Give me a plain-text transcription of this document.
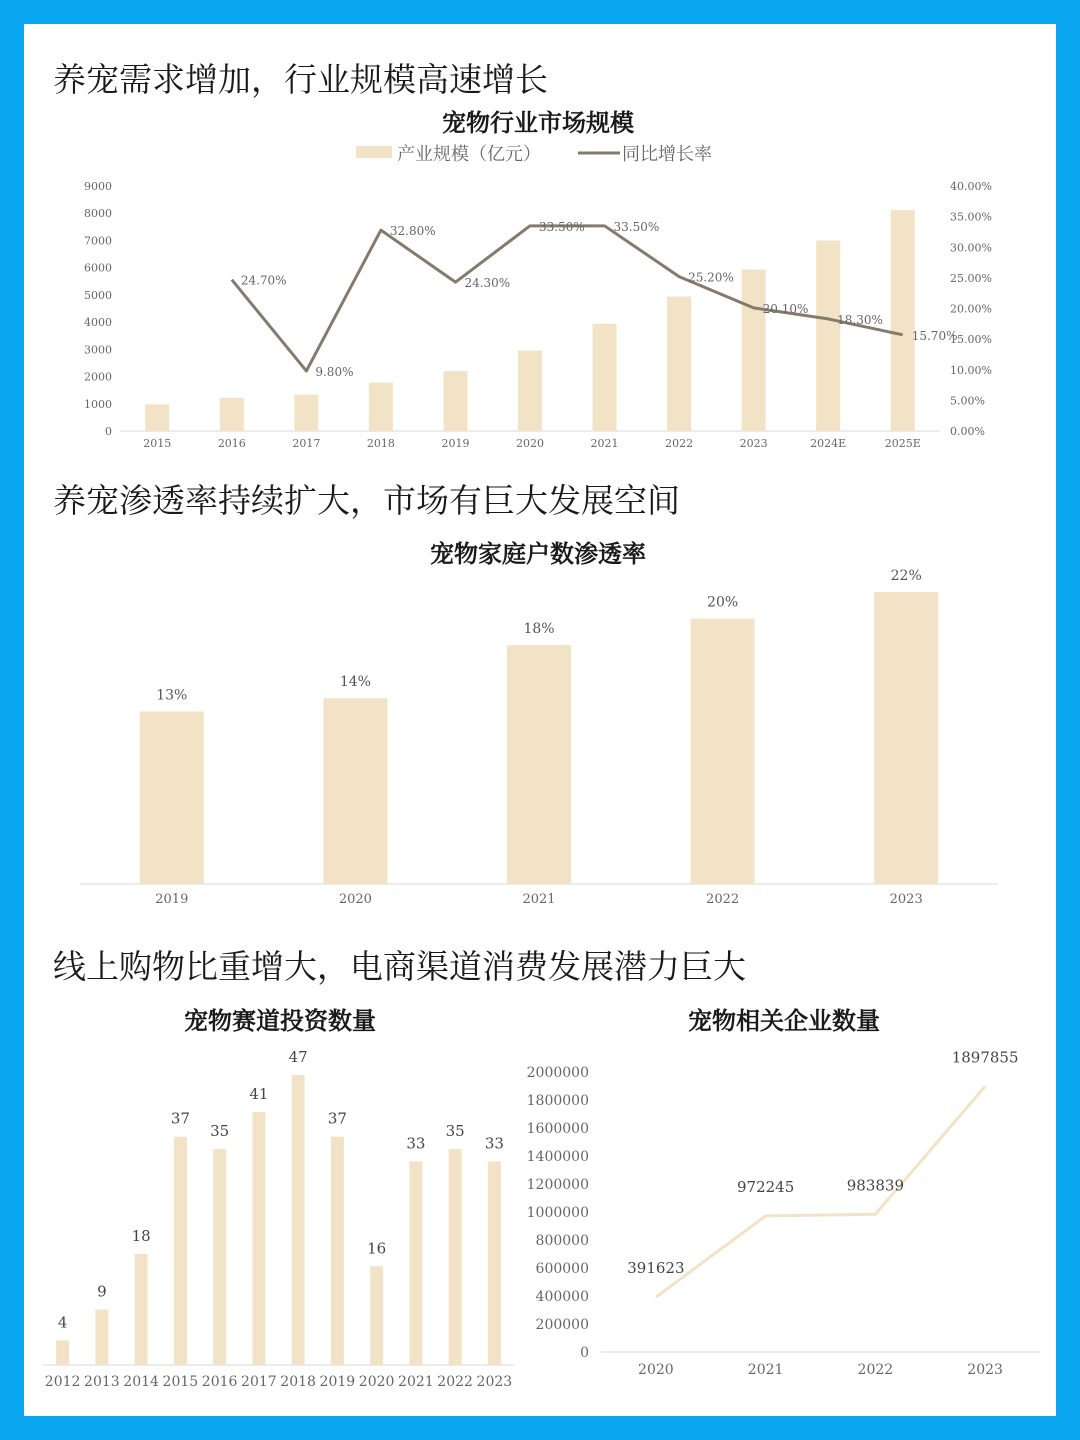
养宠需求增加，行业规模高速增长
养宠渗透率持续扩大，市场有巨大发展空间
线上购物比重增大，电商渠道消费发展潜力巨大
宠物行业市场规模
产业规模（亿元）	同比增长率
0
1000
2000
3000
4000
5000
6000
7000
8000
9000
0.00%
5.00%
10.00%
15.00%
20.00%
25.00%
30.00%
35.00%
40.00%
2015	2016	2017	2018	2019	2020	2021	2022	2023	2024E	2025E
24.70%
9.80%
32.80%
24.30%
33.50% 33.50%
25.20%
20.10%
18.30%
15.70%
宠物家庭户数渗透率
13%
2019
14%
2020
18%
2021
20%
2022
22%
2023
宠物赛道投资数量
4
2012
9
2013
18
2014
37
2015
35
2016
41
2017
47
2018
37
2019
16
2020
33
2021
35
2022
33
2023
宠物相关企业数量
0
200000
400000
600000
800000
1000000
1200000
1400000
1600000
1800000
2000000
2020	2021	2022	2023
391623
972245	983839
1897855
